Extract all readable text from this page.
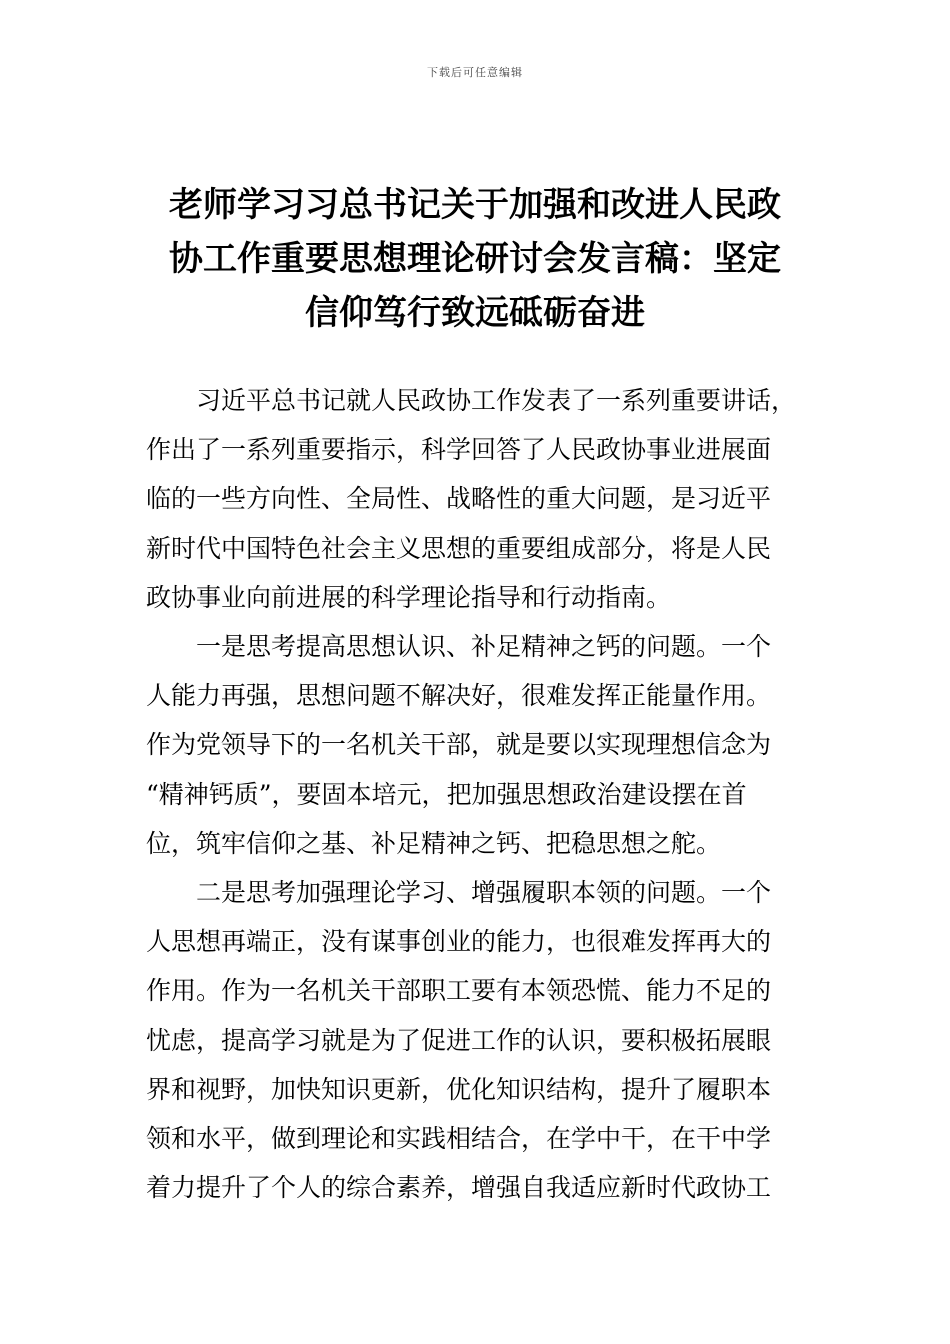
下载后可任意编辑
老师学习习总书记关于加强和改进人民政
协工作重要思想理论研讨会发言稿：坚定
信仰笃行致远砥砺奋进
习近平总书记就人民政协工作发表了一系列重要讲话，
作出了一系列重要指示，科学回答了人民政协事业进展面
临的一些方向性、全局性、战略性的重大问题，是习近平
新时代中国特色社会主义思想的重要组成部分，将是人民
政协事业向前进展的科学理论指导和行动指南。
一是思考提高思想认识、补足精神之钙的问题。一个
人能力再强，思想问题不解决好，很难发挥正能量作用。
作为党领导下的一名机关干部，就是要以实现理想信念为
“精神钙质”，要固本培元，把加强思想政治建设摆在首
位，筑牢信仰之基、补足精神之钙、把稳思想之舵。
二是思考加强理论学习、增强履职本领的问题。一个
人思想再端正，没有谋事创业的能力，也很难发挥再大的
作用。作为一名机关干部职工要有本领恐慌、能力不足的
忧虑，提高学习就是为了促进工作的认识，要积极拓展眼
界和视野，加快知识更新，优化知识结构，提升了履职本
领和水平，做到理论和实践相结合，在学中干，在干中学
着力提升了个人的综合素养，增强自我适应新时代政协工
